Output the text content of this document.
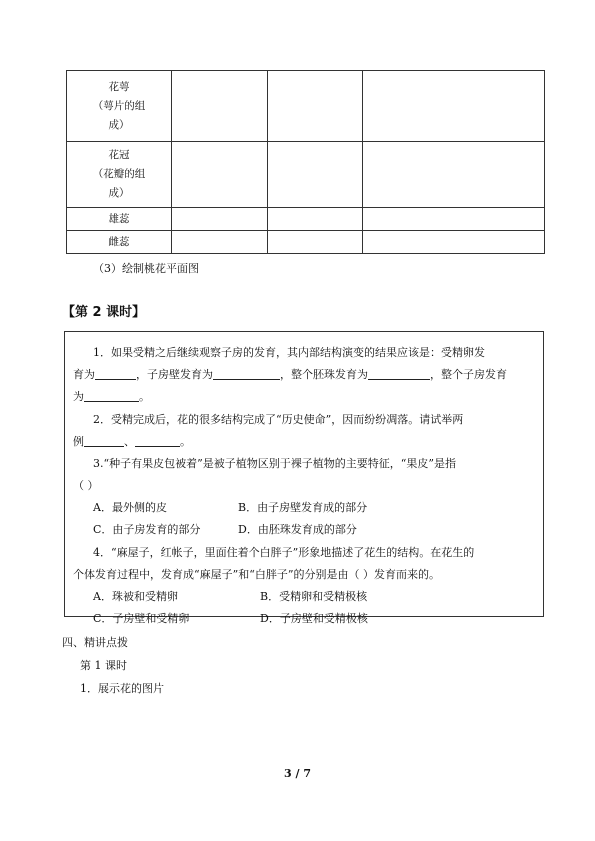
花萼
（萼片的组
成）			

花冠
（花瓣的组
成）			

雄蕊			
雌蕊			
（3）绘制桃花平面图
【第 2 课时】
1．如果受精之后继续观察子房的发育，其内部结构演变的结果应该是：受精卵发
育为	，子房壁发育为	，整个胚珠发育为	，整个子房发育
为	。
2．受精完成后，花的很多结构完成了“历史使命”，因而纷纷凋落。请试举两
例	、	。
3.“种子有果皮包被着”是被子植物区别于裸子植物的主要特征，“果皮”是指
（ ）
A．最外侧的皮	B．由子房壁发育成的部分
C．由子房发育的部分	D．由胚珠发育成的部分
4．“麻屋子，红帐子，里面住着个白胖子”形象地描述了花生的结构。在花生的
个体发育过程中，发育成“麻屋子”和“白胖子”的分别是由（ ）发育而来的。
A．珠被和受精卵	B．受精卵和受精极核
C．子房壁和受精卵	D．子房壁和受精极核
四、精讲点拨
第 1 课时
1．展示花的图片
3 / 7
